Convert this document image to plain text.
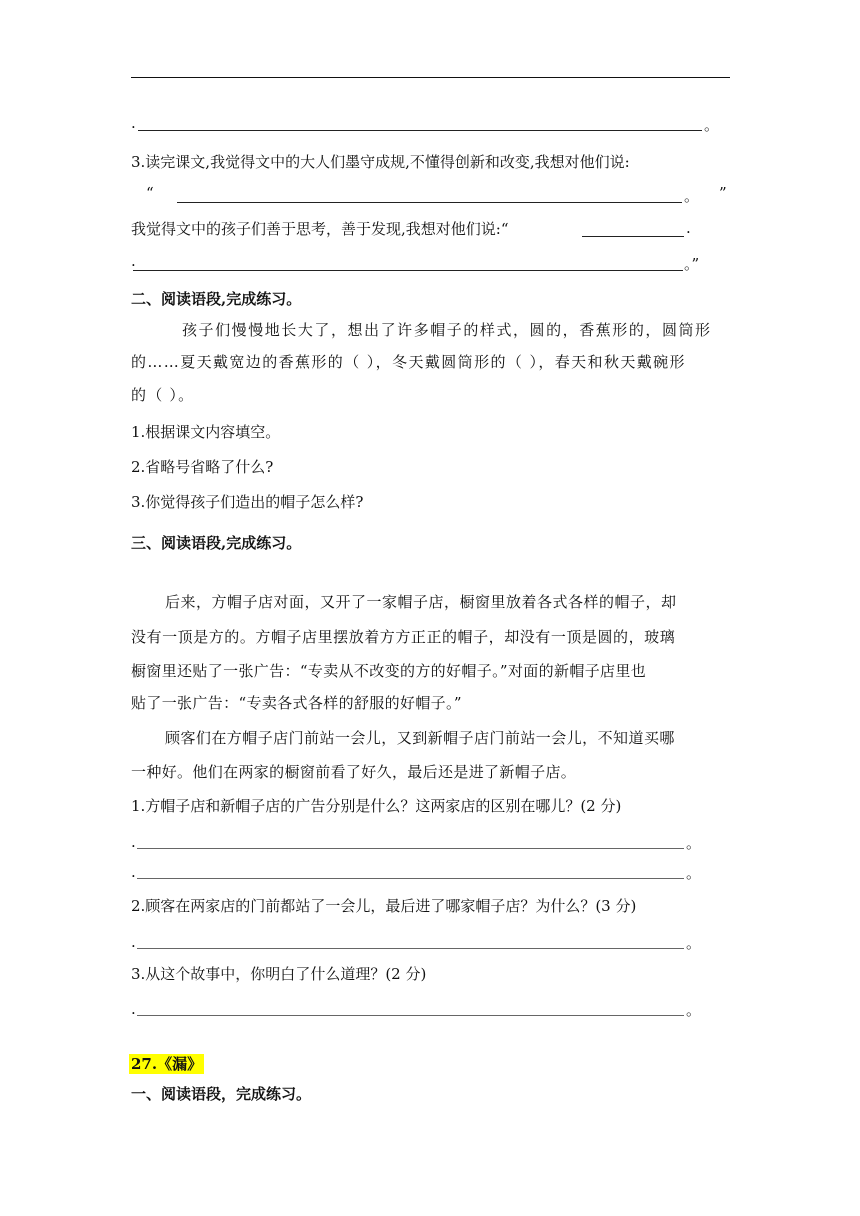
.	。
3.读完课文,我觉得文中的大人们墨守成规,不懂得创新和改变,我想对他们说:
“	。 ”
我觉得文中的孩子们善于思考，善于发现,我想对他们说:“	.
.	。”
二、阅读语段,完成练习。
孩子们慢慢地长大了，想出了许多帽子的样式，圆的，香蕉形的，圆筒形
的……夏天戴宽边的香蕉形的（ ），冬天戴圆筒形的（ ），春天和秋天戴碗形
的（ ）。
1.根据课文内容填空。
2.省略号省略了什么?
3.你觉得孩子们造出的帽子怎么样?
三、阅读语段,完成练习。
后来，方帽子店对面，又开了一家帽子店，橱窗里放着各式各样的帽子，却
没有一顶是方的。方帽子店里摆放着方方正正的帽子，却没有一顶是圆的，玻璃
橱窗里还贴了一张广告：“专卖从不改变的方的好帽子。”对面的新帽子店里也
贴了一张广告：“专卖各式各样的舒服的好帽子。”
顾客们在方帽子店门前站一会儿，又到新帽子店门前站一会儿，不知道买哪
一种好。他们在两家的橱窗前看了好久，最后还是进了新帽子店。
1.方帽子店和新帽子店的广告分别是什么？这两家店的区别在哪儿？(2 分)
.	。
.	。
2.顾客在两家店的门前都站了一会儿，最后进了哪家帽子店？为什么？(3 分)
.	。
3.从这个故事中，你明白了什么道理？(2 分)
.	。
27.《漏》
一、阅读语段，完成练习。
